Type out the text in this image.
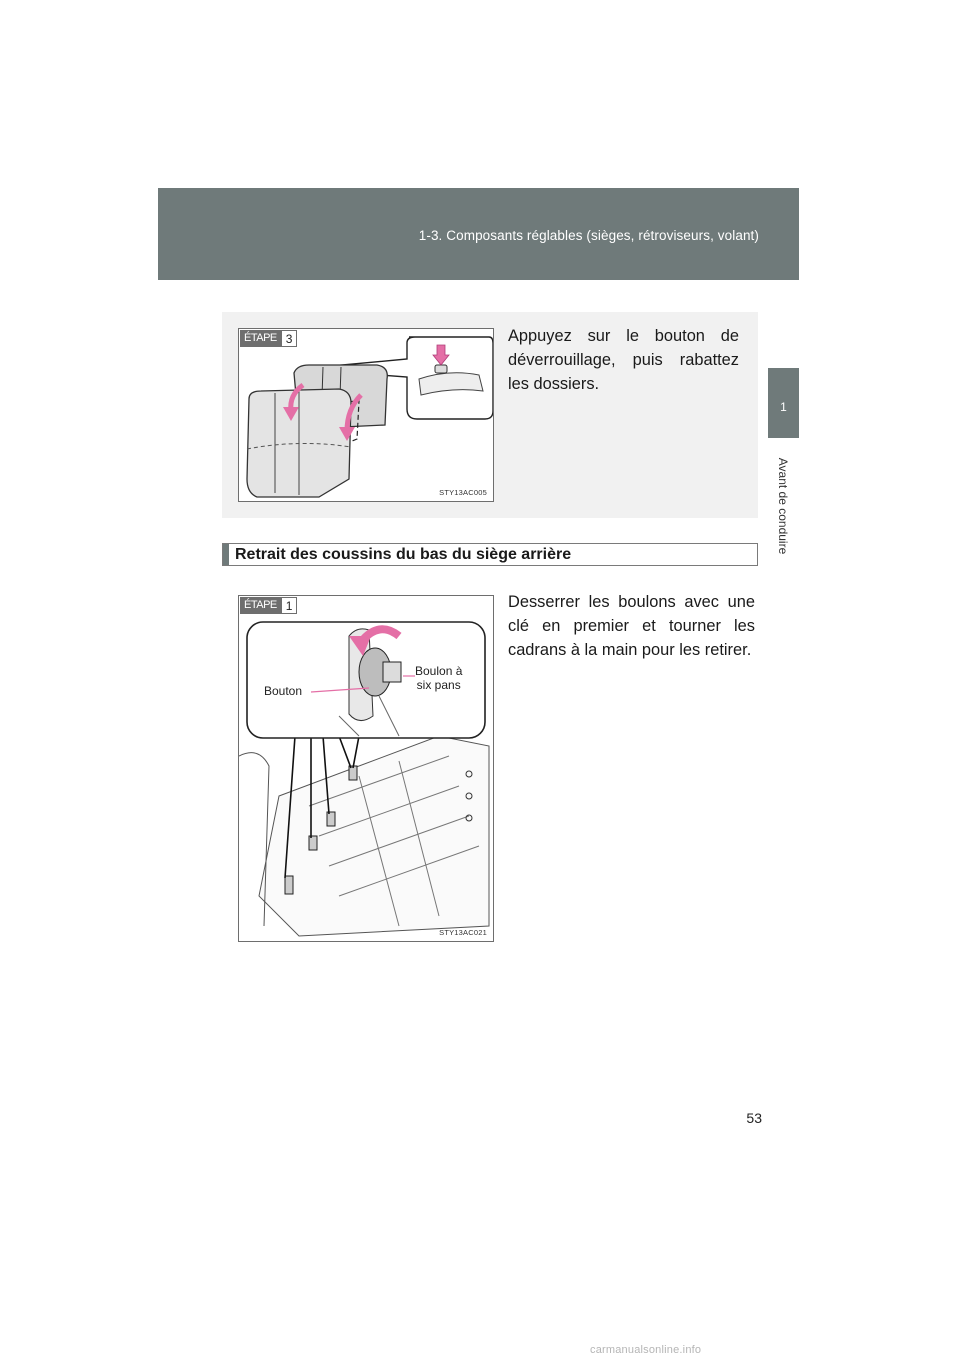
1-3. Composants réglables (sièges, rétroviseurs, volant)
1
Avant de conduire
ÉTAPE 3
STY13AC005
Appuyez sur le bouton de déverrouillage, puis rabattez les dossiers.
Retrait des coussins du bas du siège arrière
ÉTAPE 1
Bouton
Boulon à
six pans
STY13AC021
Desserrer les boulons avec une clé en premier et tourner les cadrans à la main pour les retirer.
53
carmanualsonline.info
